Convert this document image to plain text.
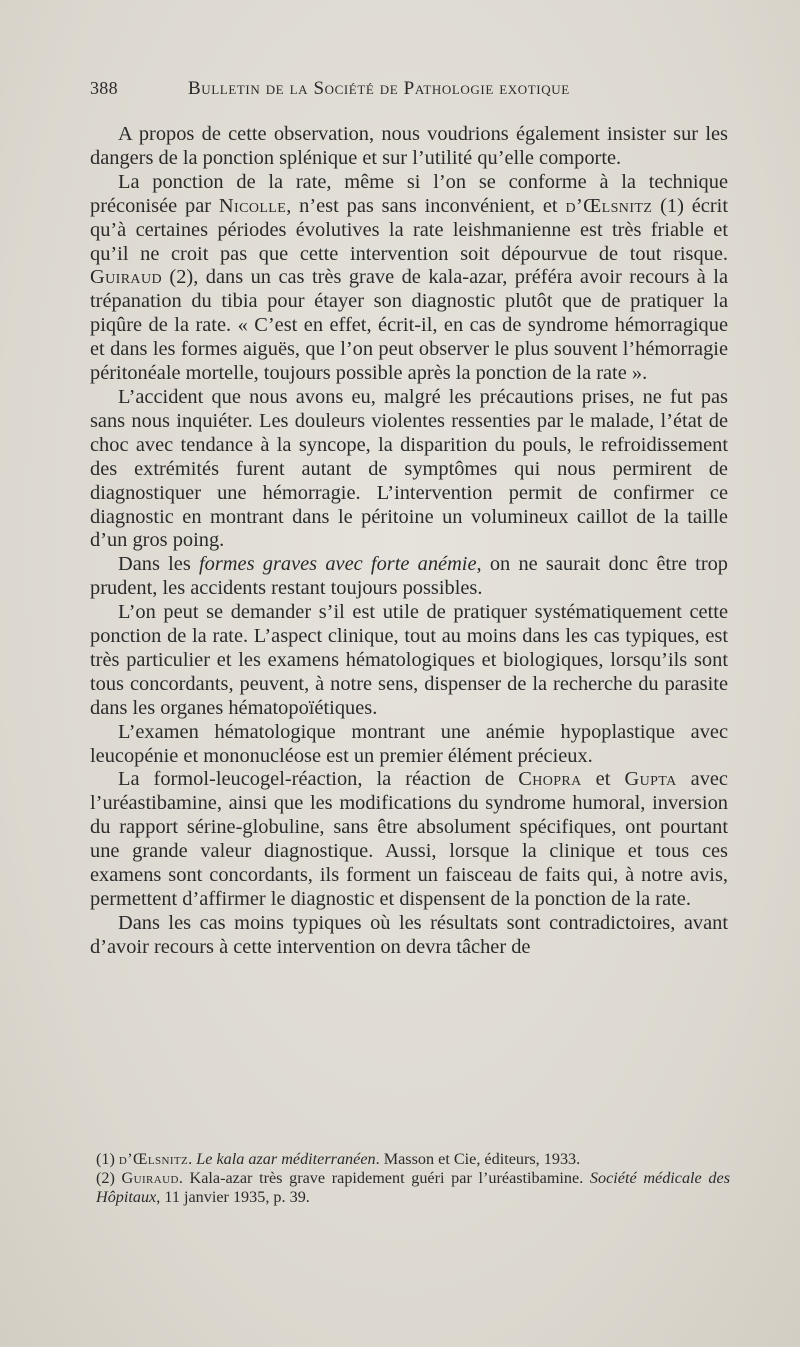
388	Bulletin de la Société de Pathologie exotique

A propos de cette observation, nous voudrions également insister sur les dangers de la ponction splénique et sur l’utilité qu’elle comporte.

La ponction de la rate, même si l’on se conforme à la technique préconisée par Nicolle, n’est pas sans inconvénient, et d’Œlsnitz (1) écrit qu’à certaines périodes évolutives la rate leishmanienne est très friable et qu’il ne croit pas que cette intervention soit dépourvue de tout risque. Guiraud (2), dans un cas très grave de kala-azar, préféra avoir recours à la trépanation du tibia pour étayer son diagnostic plutôt que de pratiquer la piqûre de la rate. « C’est en effet, écrit-il, en cas de syndrome hémorragique et dans les formes aiguës, que l’on peut observer le plus souvent l’hémorragie péritonéale mortelle, toujours possible après la ponction de la rate ».

L’accident que nous avons eu, malgré les précautions prises, ne fut pas sans nous inquiéter. Les douleurs violentes ressenties par le malade, l’état de choc avec tendance à la syncope, la disparition du pouls, le refroidissement des extrémités furent autant de symptômes qui nous permirent de diagnostiquer une hémorragie. L’intervention permit de confirmer ce diagnostic en montrant dans le péritoine un volumineux caillot de la taille d’un gros poing.

Dans les formes graves avec forte anémie, on ne saurait donc être trop prudent, les accidents restant toujours possibles.

L’on peut se demander s’il est utile de pratiquer systématiquement cette ponction de la rate. L’aspect clinique, tout au moins dans les cas typiques, est très particulier et les examens hématologiques et biologiques, lorsqu’ils sont tous concordants, peuvent, à notre sens, dispenser de la recherche du parasite dans les organes hématopoïétiques.

L’examen hématologique montrant une anémie hypoplastique avec leucopénie et mononucléose est un premier élément précieux.

La formol-leucogel-réaction, la réaction de Chopra et Gupta avec l’uréastibamine, ainsi que les modifications du syndrome humoral, inversion du rapport sérine-globuline, sans être absolument spécifiques, ont pourtant une grande valeur diagnostique. Aussi, lorsque la clinique et tous ces examens sont concordants, ils forment un faisceau de faits qui, à notre avis, permettent d’affirmer le diagnostic et dispensent de la ponction de la rate.

Dans les cas moins typiques où les résultats sont contradictoires, avant d’avoir recours à cette intervention on devra tâcher de

(1) d’Œlsnitz. Le kala azar méditerranéen. Masson et Cie, éditeurs, 1933.

(2) Guiraud. Kala-azar très grave rapidement guéri par l’uréastibamine. Société médicale des Hôpitaux, 11 janvier 1935, p. 39.
